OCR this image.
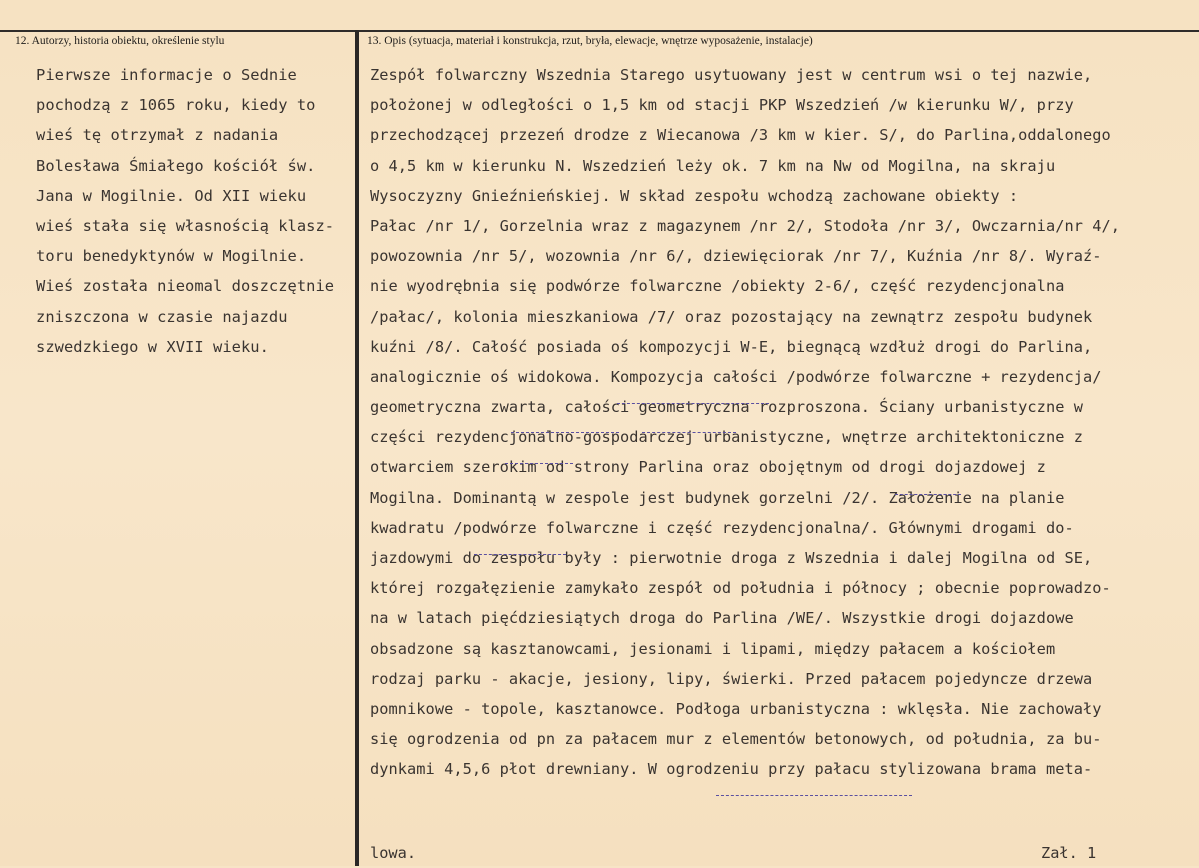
12. Autorzy, historia obiektu, określenie stylu	13. Opis (sytuacja, materiał i konstrukcja, rzut, bryła, elewacje, wnętrze wyposażenie, instalacje)
Pierwsze informacje o Sednie
pochodzą z 1065 roku, kiedy to
wieś tę otrzymał z nadania
Bolesława Śmiałego kościół św.
Jana w Mogilnie. Od XII wieku
wieś stała się własnością klasz-
toru benedyktynów w Mogilnie.
Wieś została nieomal doszczętnie
zniszczona w czasie najazdu
szwedzkiego w XVII wieku.
Zespół folwarczny Wszednia Starego usytuowany jest w centrum wsi o tej nazwie,
położonej w odległości o 1,5 km od stacji PKP Wszedzień /w kierunku W/, przy
przechodzącej przezeń drodze z Wiecanowa /3 km w kier. S/, do Parlina,oddalonego
o 4,5 km w kierunku N. Wszedzień leży ok. 7 km na Nw od Mogilna, na skraju
Wysoczyzny Gnieźnieńskiej. W skład zespołu wchodzą zachowane obiekty :
Pałac /nr 1/, Gorzelnia wraz z magazynem /nr 2/, Stodoła /nr 3/, Owczarnia/nr 4/,
powozownia /nr 5/, wozownia /nr 6/, dziewięciorak /nr 7/, Kuźnia /nr 8/. Wyraź-
nie wyodrębnia się podwórze folwarczne /obiekty 2-6/, część rezydencjonalna
/pałac/, kolonia mieszkaniowa /7/ oraz pozostający na zewnątrz zespołu budynek
kuźni /8/. Całość posiada oś kompozycji W-E, biegnącą wzdłuż drogi do Parlina,
analogicznie oś widokowa. Kompozycja całości /podwórze folwarczne + rezydencja/
geometryczna zwarta, całości geometryczna rozproszona. Ściany urbanistyczne w
części rezydencjonalno-gospodarczej urbanistyczne, wnętrze architektoniczne z
otwarciem szerokim od strony Parlina oraz obojętnym od drogi dojazdowej z
Mogilna. Dominantą w zespole jest budynek gorzelni /2/. Założenie na planie
kwadratu /podwórze folwarczne i część rezydencjonalna/. Głównymi drogami do-
jazdowymi do zespołu były : pierwotnie droga z Wszednia i dalej Mogilna od SE,
której rozgałęzienie zamykało zespół od południa i północy ; obecnie poprowadzo-
na w latach pięćdziesiątych droga do Parlina /WE/. Wszystkie drogi dojazdowe
obsadzone są kasztanowcami, jesionami i lipami, między pałacem a kościołem
rodzaj parku - akacje, jesiony, lipy, świerki. Przed pałacem pojedyncze drzewa
pomnikowe - topole, kasztanowce. Podłoga urbanistyczna : wklęsła. Nie zachowały
się ogrodzenia od pn za pałacem mur z elementów betonowych, od południa, za bu-
dynkami 4,5,6 płot drewniany. W ogrodzeniu przy pałacu stylizowana brama meta-
lowa.	Zał. 1
